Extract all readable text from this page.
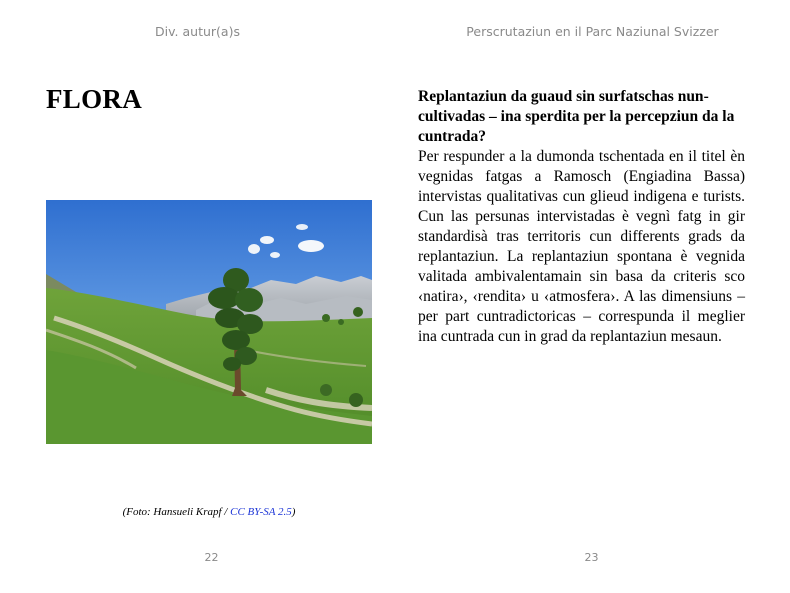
Div. autur(a)s
FLORA
(Foto: Hansueli Krapf / CC BY-SA 2.5)
22
Perscrutaziun en il Parc Naziunal Svizzer
Replantaziun da guaud sin surfatschas nuncultivadas – ina sperdita per la percepziun da la cuntrada?

Per respunder a la dumonda tschentada en il titel èn vegnidas fatgas a Ramosch (Engiadina Bassa) intervistas qualitativas cun glieud indigena e turists. Cun las persunas intervistadas è vegnì fatg in gir standardisà tras territoris cun differents grads da replantaziun. La replantaziun spontana è vegnida valitada ambivalentamain sin basa da criteris sco ‹natira›, ‹rendita› u ‹atmosfera›. A las dimensiuns – per part cuntradictoricas – correspunda il meglier ina cuntrada cun in grad da replantaziun mesaun.

23
